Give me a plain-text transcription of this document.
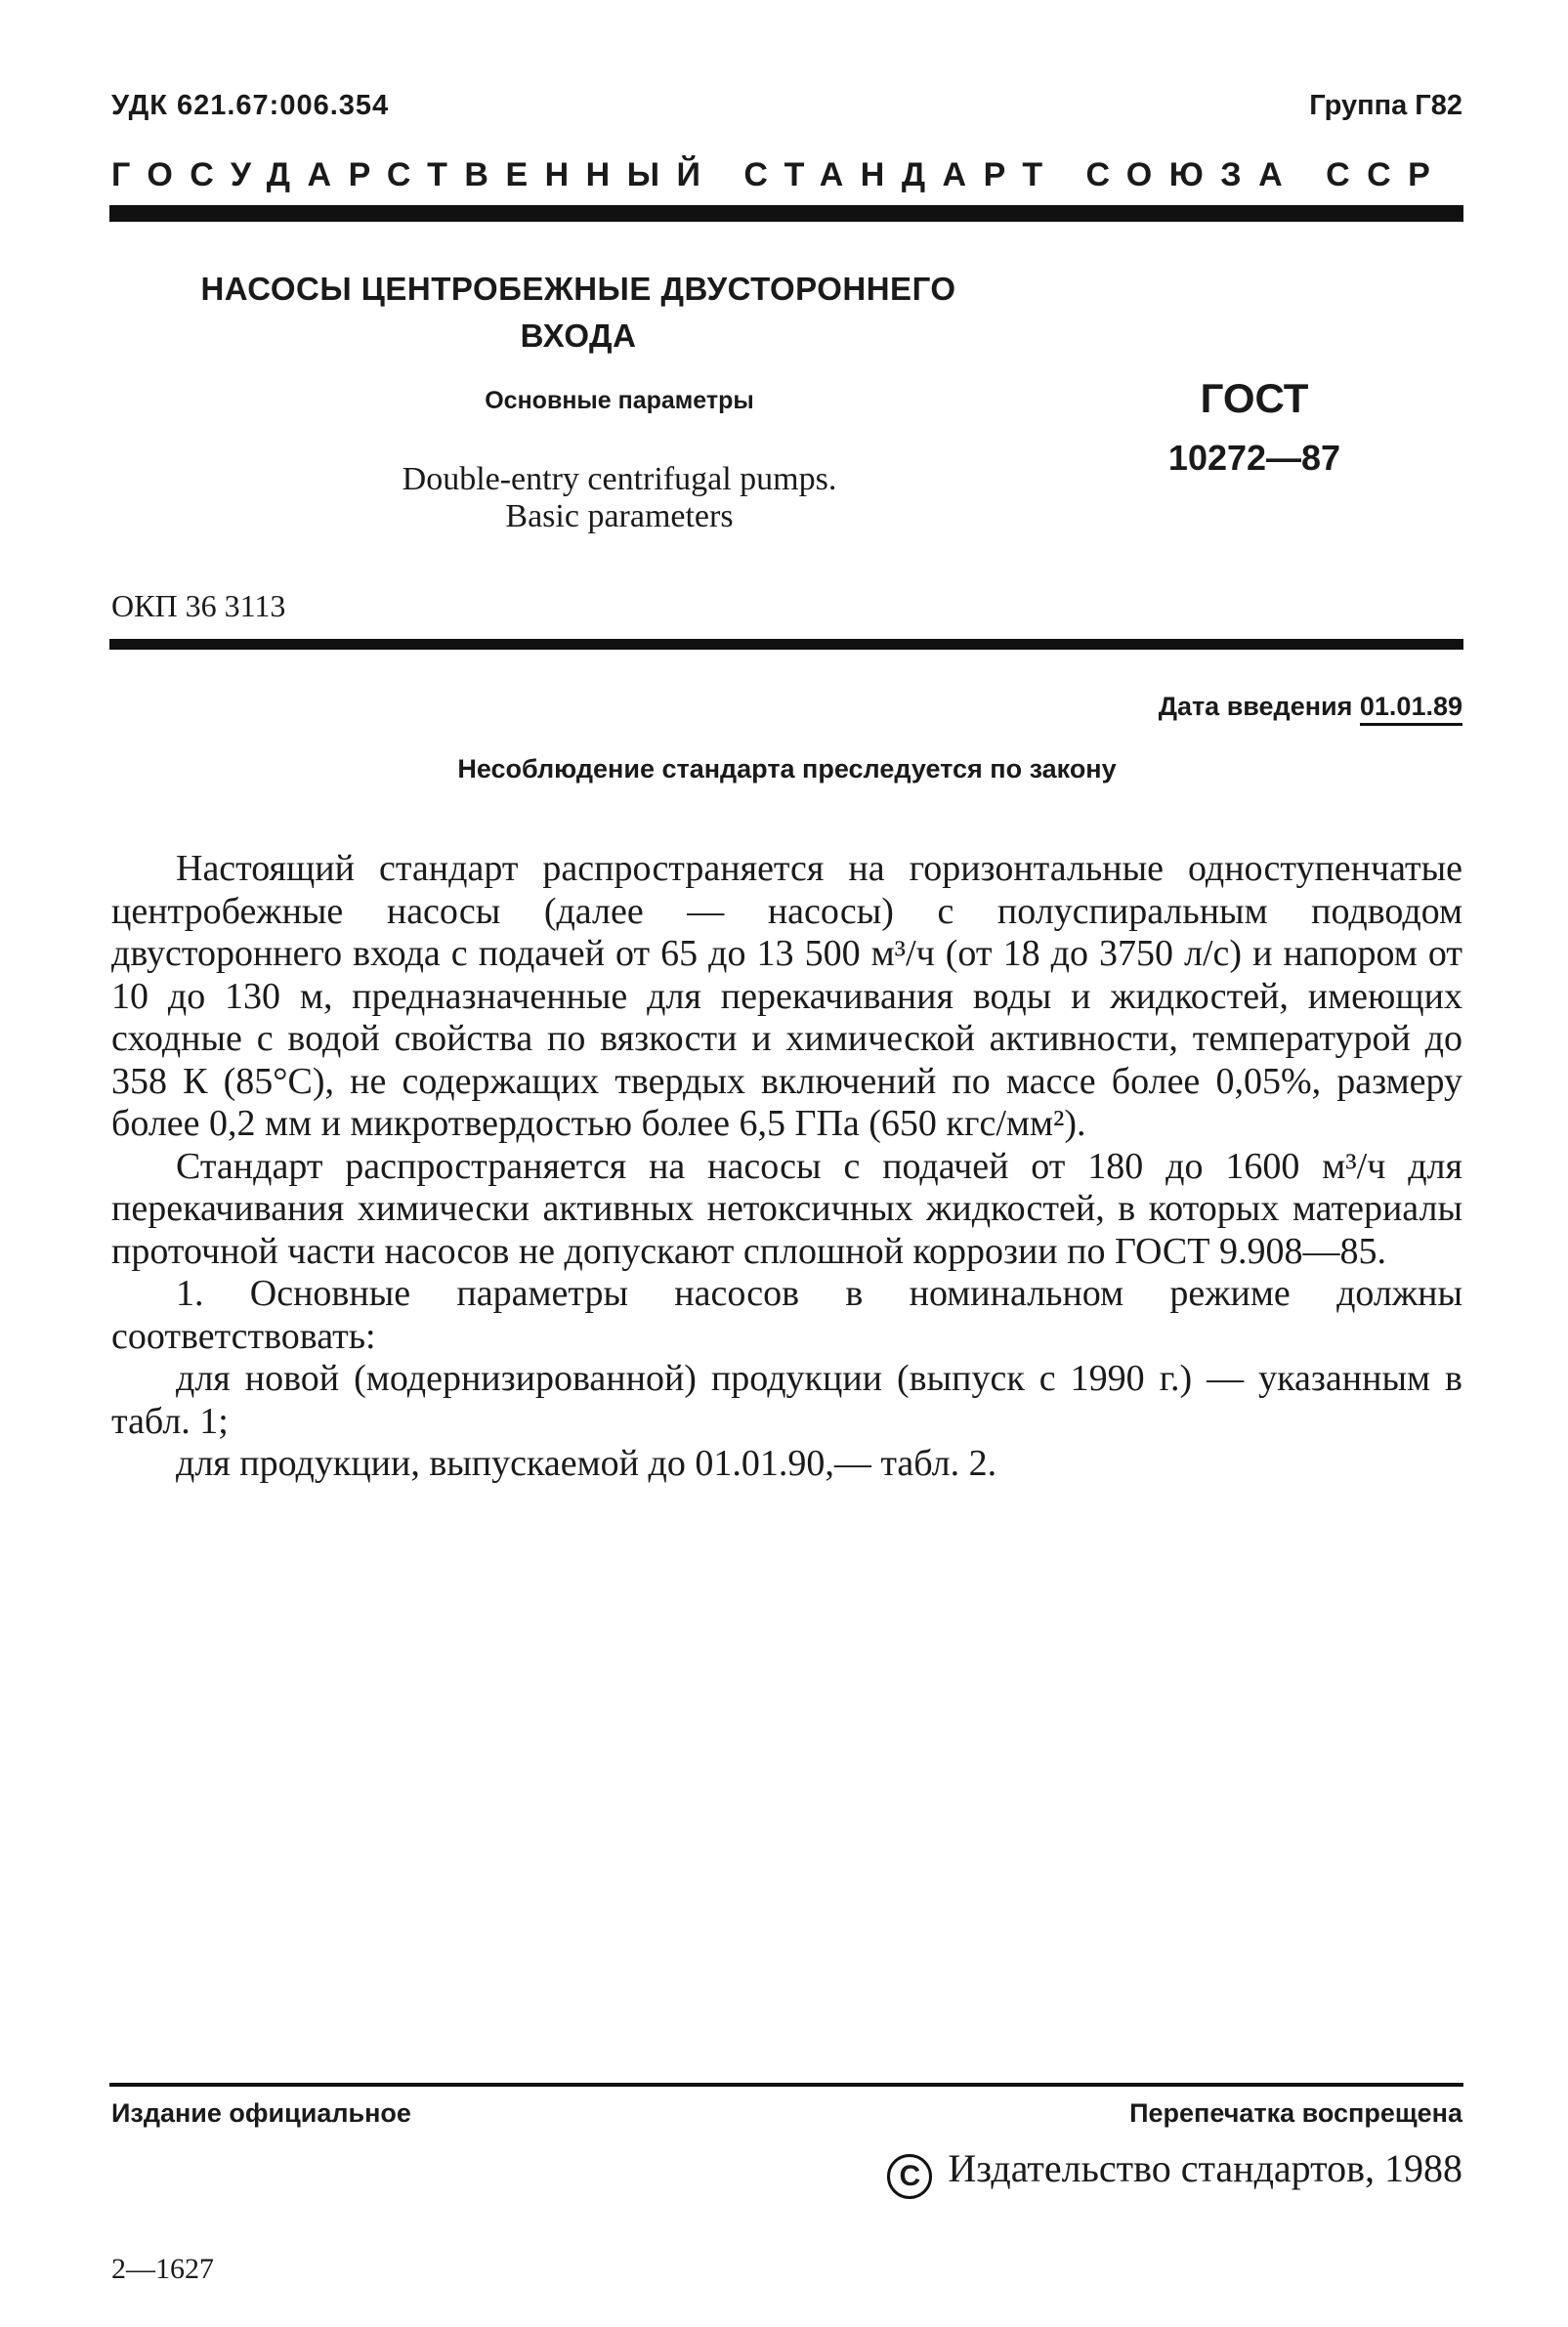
УДК 621.67:006.354	Группа Г82
ГОСУДАРСТВЕННЫЙ СТАНДАРТ СОЮЗА ССР
НАСОСЫ ЦЕНТРОБЕЖНЫЕ ДВУСТОРОННЕГО
ВХОДА
Основные параметры
Double-entry centrifugal pumps.
Basic parameters
ГОСТ
10272—87
ОКП 36 3113
Дата введения 01.01.89
Несоблюдение стандарта преследуется по закону

Настоящий стандарт распространяется на горизонтальные одноступенчатые центробежные насосы (далее — насосы) с полуспиральным подводом двустороннего входа с подачей от 65 до 13 500 м³/ч (от 18 до 3750 л/с) и напором от 10 до 130 м, предназначенные для перекачивания воды и жидкостей, имеющих сходные с водой свойства по вязкости и химической активности, температурой до 358 К (85°С), не содержащих твердых включений по массе более 0,05%, размеру более 0,2 мм и микротвердостью более 6,5 ГПа (650 кгс/мм²).

Стандарт распространяется на насосы с подачей от 180 до 1600 м³/ч для перекачивания химически активных нетоксичных жидкостей, в которых материалы проточной части насосов не допускают сплошной коррозии по ГОСТ 9.908—85.

1. Основные параметры насосов в номинальном режиме должны соответствовать:

для новой (модернизированной) продукции (выпуск с 1990 г.) — указанным в табл. 1;

для продукции, выпускаемой до 01.01.90,— табл. 2.

Издание официальное	Перепечатка воспрещена
C Издательство стандартов, 1988
2—1627
